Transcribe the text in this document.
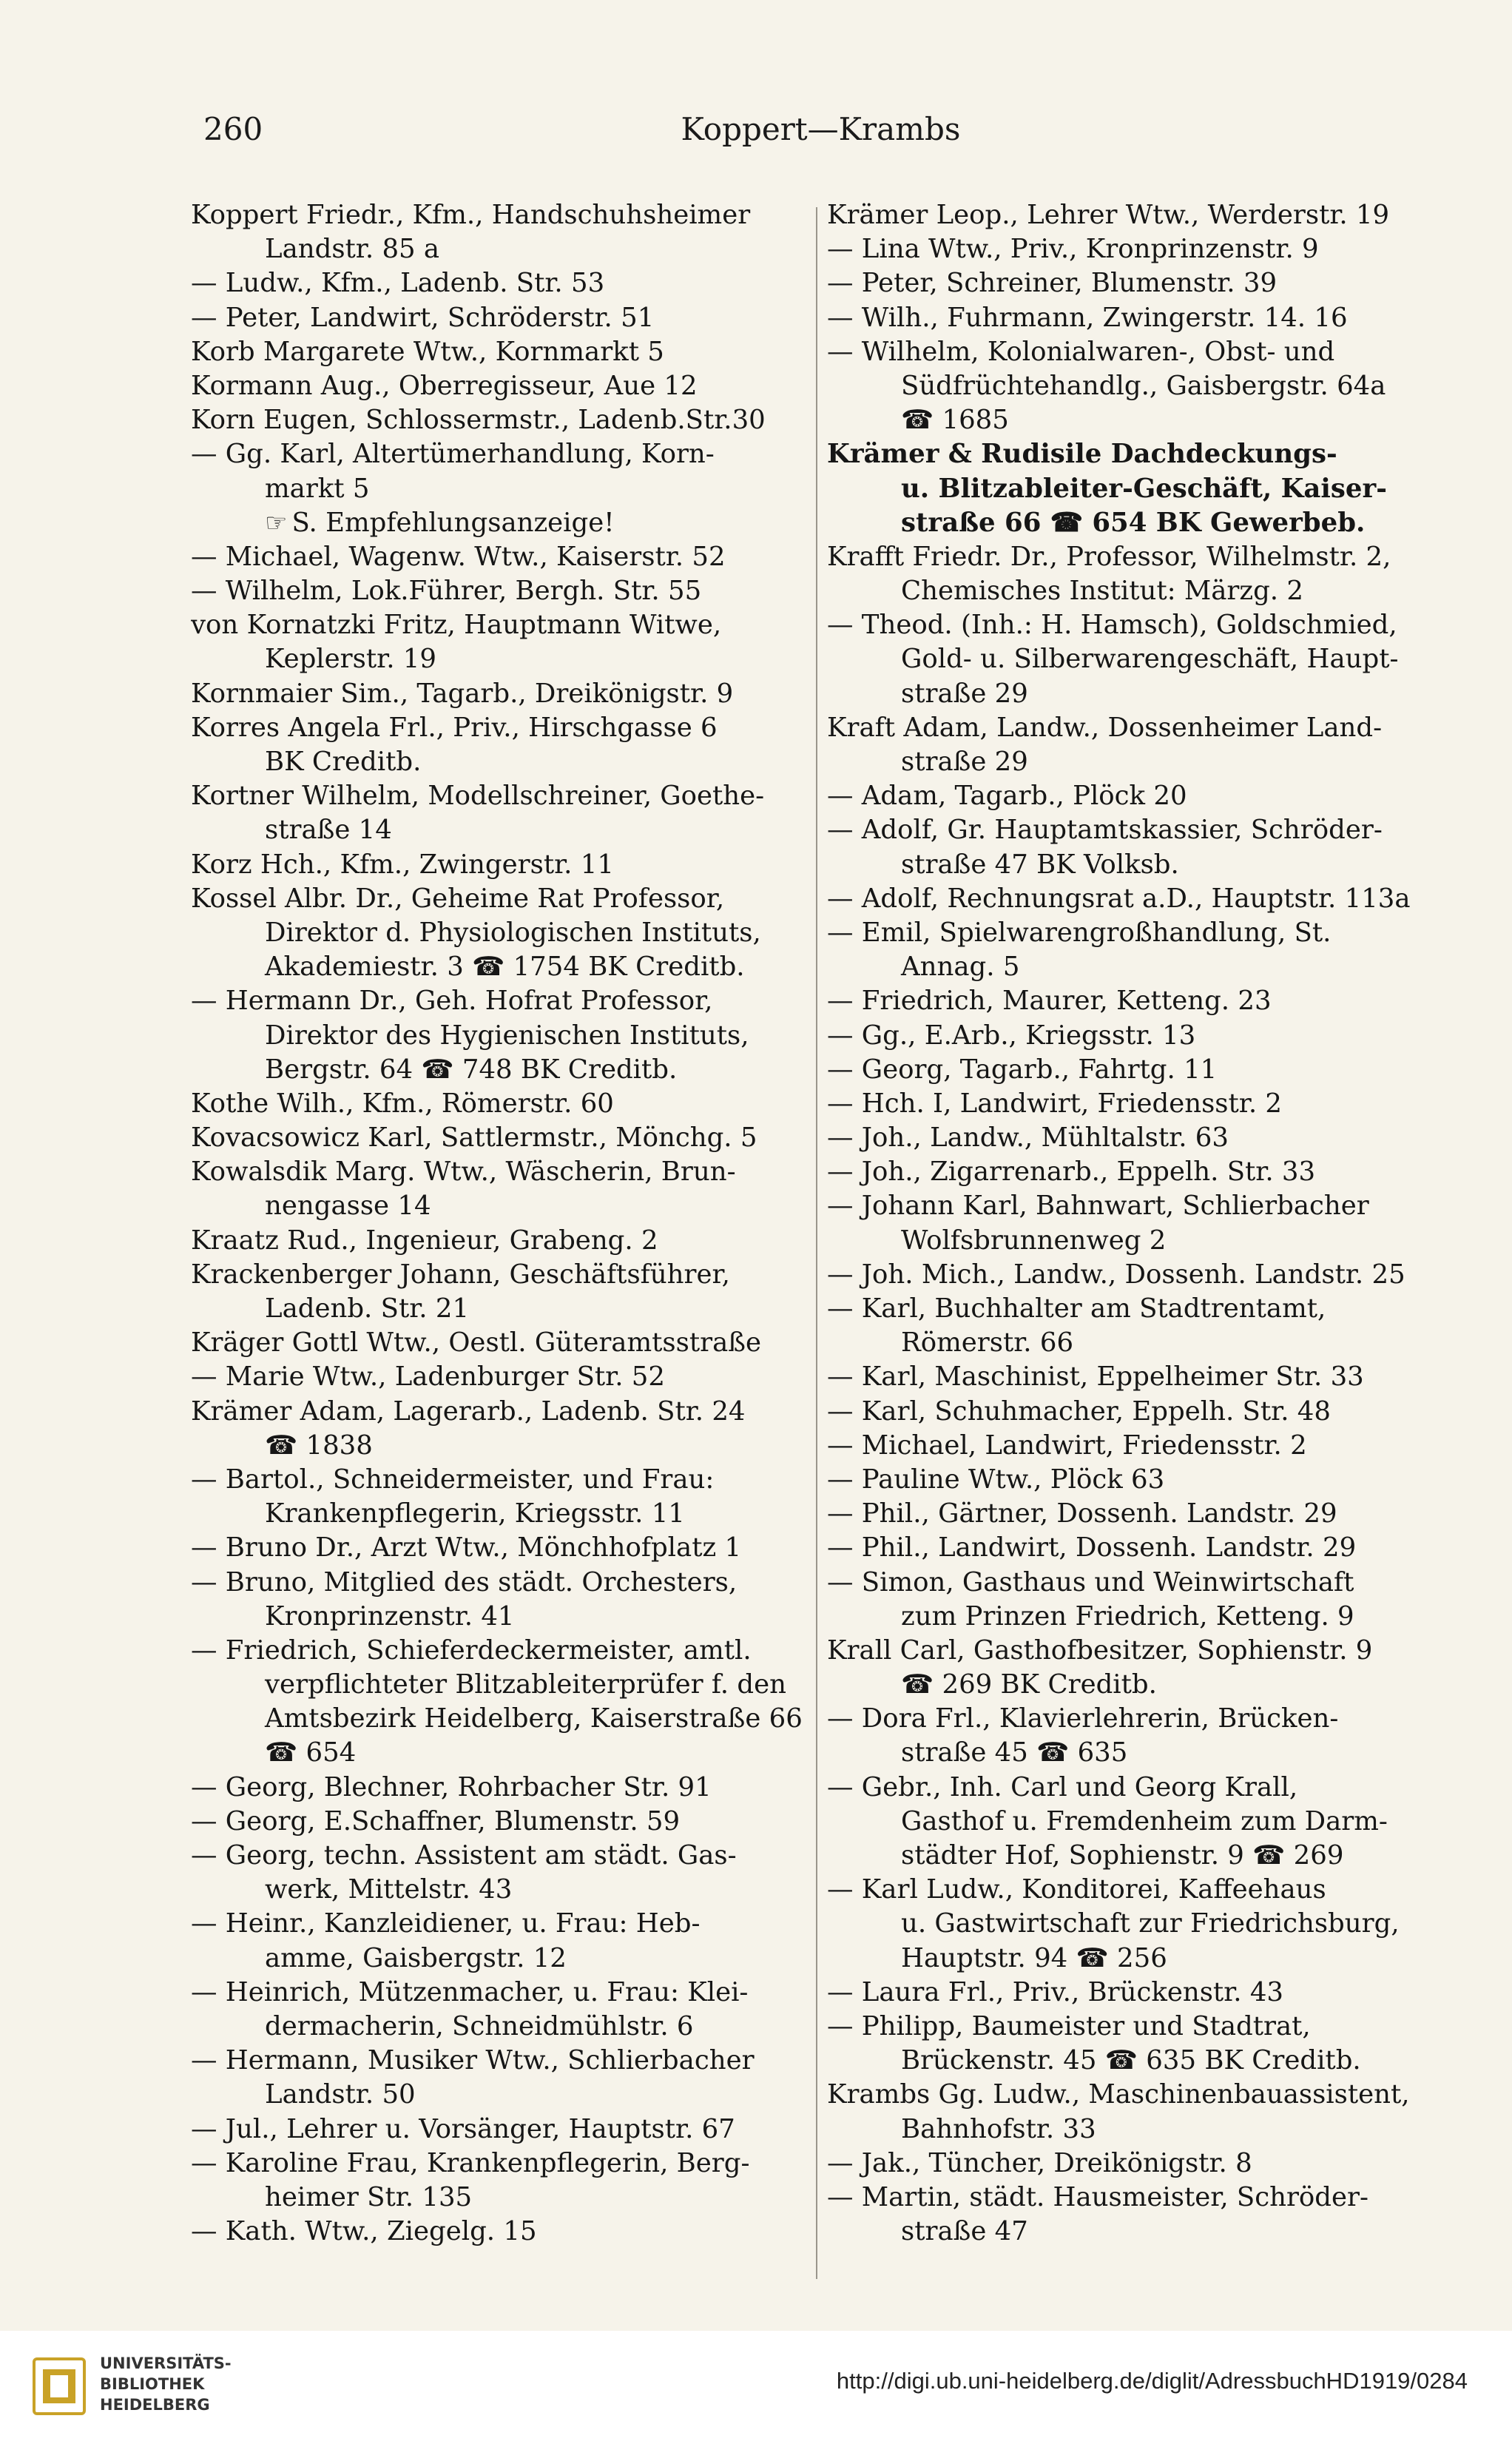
260	Koppert—Krambs
Koppert Friedr., Kfm., Handschuhsheimer
Landstr. 85 a
— Ludw., Kfm., Ladenb. Str. 53
— Peter, Landwirt, Schröderstr. 51
Korb Margarete Wtw., Kornmarkt 5
Kormann Aug., Oberregisseur, Aue 12
Korn Eugen, Schlossermstr., Ladenb.Str.30
— Gg. Karl, Altertümerhandlung, Korn-
markt 5
☞ S. Empfehlungsanzeige!
— Michael, Wagenw. Wtw., Kaiserstr. 52
— Wilhelm, Lok.Führer, Bergh. Str. 55
von Kornatzki Fritz, Hauptmann Witwe,
Keplerstr. 19
Kornmaier Sim., Tagarb., Dreikönigstr. 9
Korres Angela Frl., Priv., Hirschgasse 6
BK Creditb.
Kortner Wilhelm, Modellschreiner, Goethe-
straße 14
Korz Hch., Kfm., Zwingerstr. 11
Kossel Albr. Dr., Geheime Rat Professor,
Direktor d. Physiologischen Instituts,
Akademiestr. 3 ☎ 1754 BK Creditb.
— Hermann Dr., Geh. Hofrat Professor,
Direktor des Hygienischen Instituts,
Bergstr. 64 ☎ 748 BK Creditb.
Kothe Wilh., Kfm., Römerstr. 60
Kovacsowicz Karl, Sattlermstr., Mönchg. 5
Kowalsdik Marg. Wtw., Wäscherin, Brun-
nengasse 14
Kraatz Rud., Ingenieur, Grabeng. 2
Krackenberger Johann, Geschäftsführer,
Ladenb. Str. 21
Kräger Gottl Wtw., Oestl. Güteramtsstraße
— Marie Wtw., Ladenburger Str. 52
Krämer Adam, Lagerarb., Ladenb. Str. 24
☎ 1838
— Bartol., Schneidermeister, und Frau:
Krankenpflegerin, Kriegsstr. 11
— Bruno Dr., Arzt Wtw., Mönchhofplatz 1
— Bruno, Mitglied des städt. Orchesters,
Kronprinzenstr. 41
— Friedrich, Schieferdeckermeister, amtl.
verpflichteter Blitzableiterprüfer f. den
Amtsbezirk Heidelberg, Kaiserstraße 66
☎ 654
— Georg, Blechner, Rohrbacher Str. 91
— Georg, E.Schaffner, Blumenstr. 59
— Georg, techn. Assistent am städt. Gas-
werk, Mittelstr. 43
— Heinr., Kanzleidiener, u. Frau: Heb-
amme, Gaisbergstr. 12
— Heinrich, Mützenmacher, u. Frau: Klei-
dermacherin, Schneidmühlstr. 6
— Hermann, Musiker Wtw., Schlierbacher
Landstr. 50
— Jul., Lehrer u. Vorsänger, Hauptstr. 67
— Karoline Frau, Krankenpflegerin, Berg-
heimer Str. 135
— Kath. Wtw., Ziegelg. 15
Krämer Leop., Lehrer Wtw., Werderstr. 19
— Lina Wtw., Priv., Kronprinzenstr. 9
— Peter, Schreiner, Blumenstr. 39
— Wilh., Fuhrmann, Zwingerstr. 14. 16
— Wilhelm, Kolonialwaren-, Obst- und
Südfrüchtehandlg., Gaisbergstr. 64a
☎ 1685
Krämer & Rudisile Dachdeckungs-
u. Blitzableiter-Geschäft, Kaiser-
straße 66 ☎ 654 BK Gewerbeb.
Krafft Friedr. Dr., Professor, Wilhelmstr. 2,
Chemisches Institut: Märzg. 2
— Theod. (Inh.: H. Hamsch), Goldschmied,
Gold- u. Silberwarengeschäft, Haupt-
straße 29
Kraft Adam, Landw., Dossenheimer Land-
straße 29
— Adam, Tagarb., Plöck 20
— Adolf, Gr. Hauptamtskassier, Schröder-
straße 47 BK Volksb.
— Adolf, Rechnungsrat a.D., Hauptstr. 113a
— Emil, Spielwarengroßhandlung, St.
Annag. 5
— Friedrich, Maurer, Ketteng. 23
— Gg., E.Arb., Kriegsstr. 13
— Georg, Tagarb., Fahrtg. 11
— Hch. I, Landwirt, Friedensstr. 2
— Joh., Landw., Mühltalstr. 63
— Joh., Zigarrenarb., Eppelh. Str. 33
— Johann Karl, Bahnwart, Schlierbacher
Wolfsbrunnenweg 2
— Joh. Mich., Landw., Dossenh. Landstr. 25
— Karl, Buchhalter am Stadtrentamt,
Römerstr. 66
— Karl, Maschinist, Eppelheimer Str. 33
— Karl, Schuhmacher, Eppelh. Str. 48
— Michael, Landwirt, Friedensstr. 2
— Pauline Wtw., Plöck 63
— Phil., Gärtner, Dossenh. Landstr. 29
— Phil., Landwirt, Dossenh. Landstr. 29
— Simon, Gasthaus und Weinwirtschaft
zum Prinzen Friedrich, Ketteng. 9
Krall Carl, Gasthofbesitzer, Sophienstr. 9
☎ 269 BK Creditb.
— Dora Frl., Klavierlehrerin, Brücken-
straße 45 ☎ 635
— Gebr., Inh. Carl und Georg Krall,
Gasthof u. Fremdenheim zum Darm-
städter Hof, Sophienstr. 9 ☎ 269
— Karl Ludw., Konditorei, Kaffeehaus
u. Gastwirtschaft zur Friedrichsburg,
Hauptstr. 94 ☎ 256
— Laura Frl., Priv., Brückenstr. 43
— Philipp, Baumeister und Stadtrat,
Brückenstr. 45 ☎ 635 BK Creditb.
Krambs Gg. Ludw., Maschinenbauassistent,
Bahnhofstr. 33
— Jak., Tüncher, Dreikönigstr. 8
— Martin, städt. Hausmeister, Schröder-
straße 47
UNIVERSITÄTS-
BIBLIOTHEK
HEIDELBERG
http://digi.ub.uni-heidelberg.de/diglit/AdressbuchHD1919/0284
